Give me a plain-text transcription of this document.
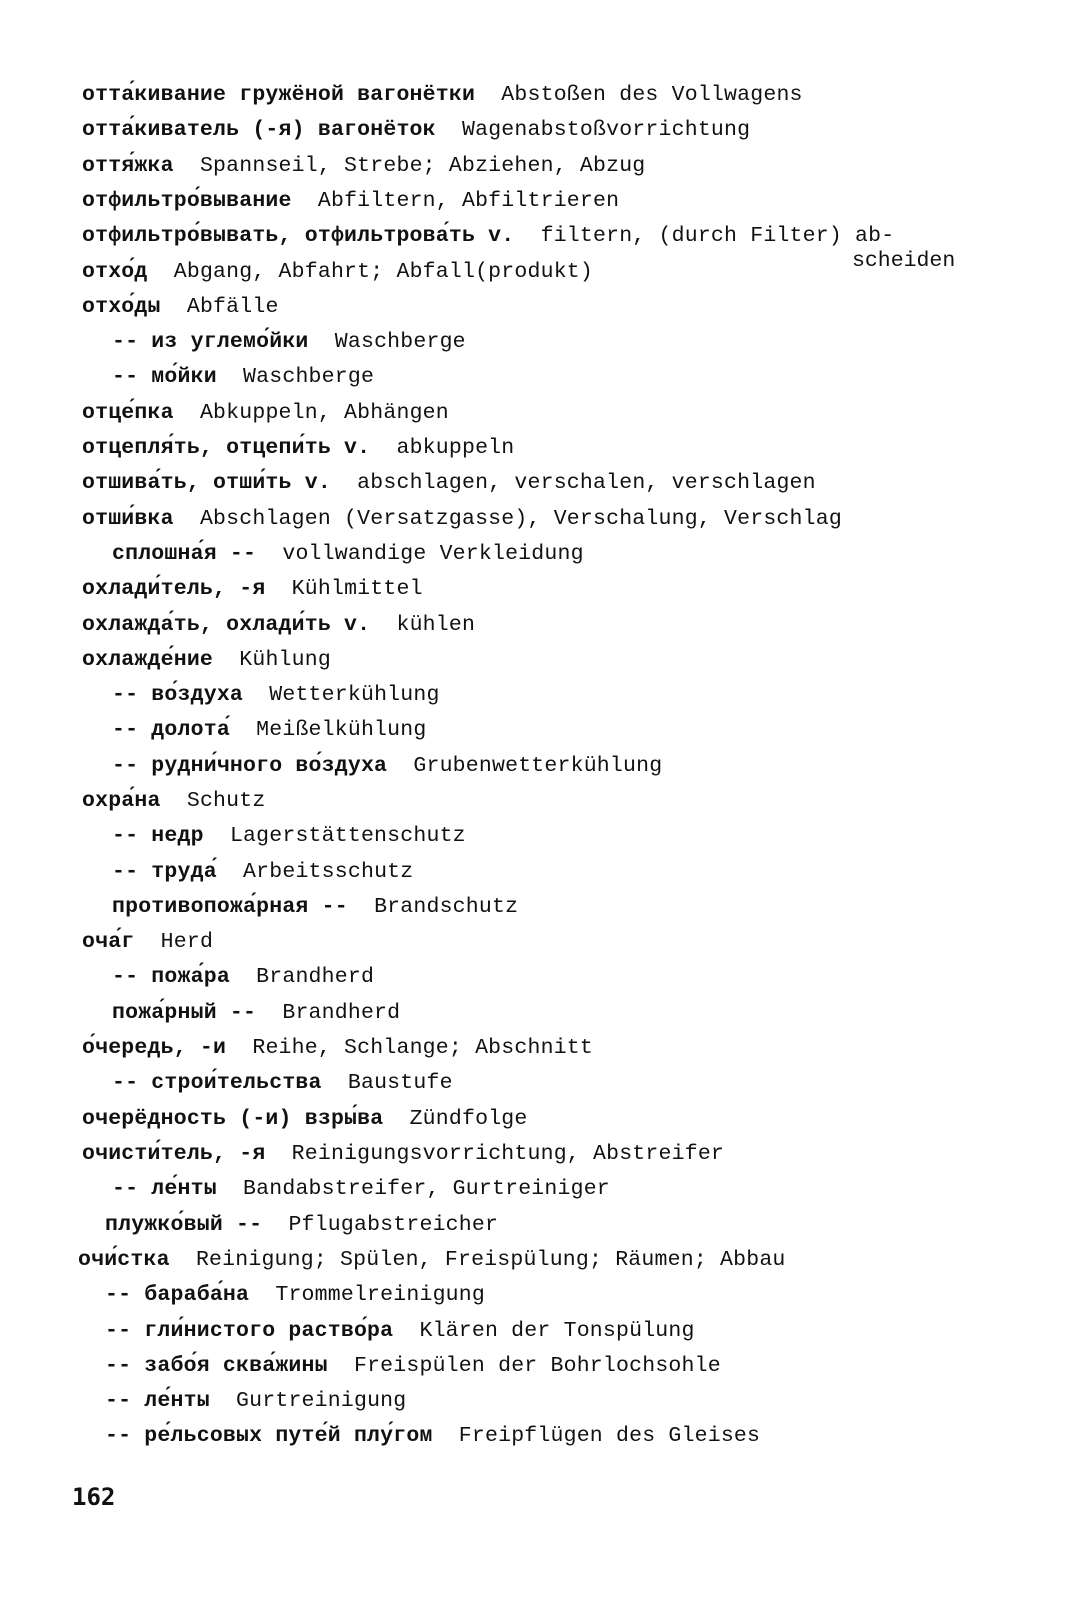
отта́кивание гружёной вагонётки Abstoßen des Vollwagens
отта́киватель (-я) вагонёток Wagenabstoßvorrichtung
оття́жка Spannseil, Strebe; Abziehen, Abzug
отфильтро́вывание Abfiltern, Abfiltrieren
отфильтро́вывать, отфильтрова́ть v. filtern, (durch Filter) ab-
отхо́д Abgang, Abfahrt; Abfall(produkt)
отхо́ды Abfälle
-- из углемо́йки Waschberge
-- мо́йки Waschberge
отце́пка Abkuppeln, Abhängen
отцепля́ть, отцепи́ть v. abkuppeln
отшива́ть, отши́ть v. abschlagen, verschalen, verschlagen
отши́вка Abschlagen (Versatzgasse), Verschalung, Verschlag
сплошна́я -- vollwandige Verkleidung
охлади́тель, -я Kühlmittel
охлажда́ть, охлади́ть v. kühlen
охлажде́ние Kühlung
-- во́здуха Wetterkühlung
-- долота́ Meißelkühlung
-- рудни́чного во́здуха Grubenwetterkühlung
охра́на Schutz
-- недр Lagerstättenschutz
-- труда́ Arbeitsschutz
противопожа́рная -- Brandschutz
оча́г Herd
-- пожа́ра Brandherd
пожа́рный -- Brandherd
о́чередь, -и Reihe, Schlange; Abschnitt
-- строи́тельства Baustufe
очерёдность (-и) взры́ва Zündfolge
очисти́тель, -я Reinigungsvorrichtung, Abstreifer
-- ле́нты Bandabstreifer, Gurtreiniger
плужко́вый -- Pflugabstreicher
очи́стка Reinigung; Spülen, Freispülung; Räumen; Abbau
-- бараба́на Trommelreinigung
-- гли́нистого раство́ра Klären der Tonspülung
-- забо́я сква́жины Freispülen der Bohrlochsohle
-- ле́нты Gurtreinigung
-- ре́льсовых путе́й плу́гом Freipflügen des Gleises
scheiden
162
